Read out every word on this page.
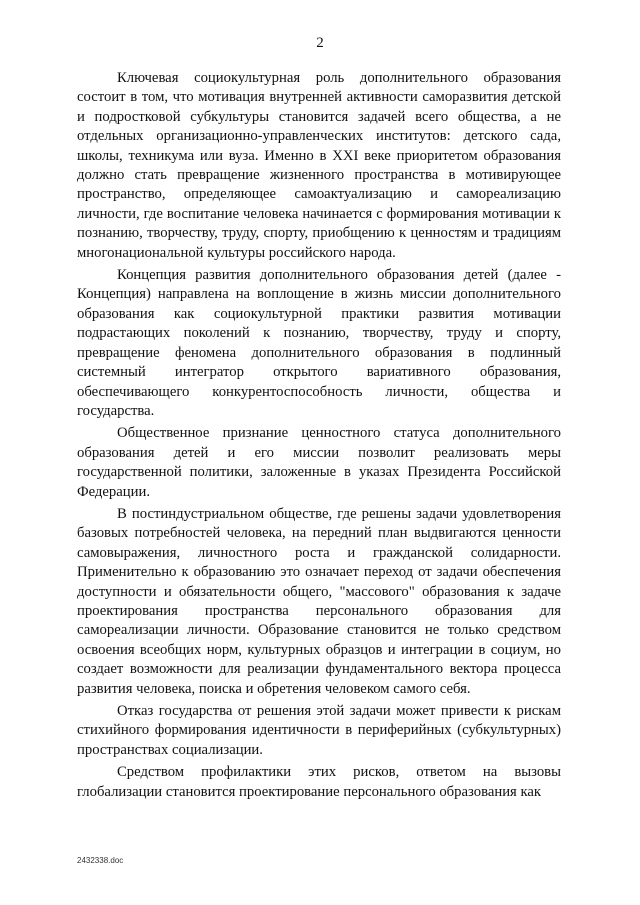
2

Ключевая социокультурная роль дополнительного образования состоит в том, что мотивация внутренней активности саморазвития детской и подростковой субкультуры становится задачей всего общества, а не отдельных организационно-управленческих институтов: детского сада, школы, техникума или вуза. Именно в XXI веке приоритетом образования должно стать превращение жизненного пространства в мотивирующее пространство, определяющее самоактуализацию и самореализацию личности, где воспитание человека начинается с формирования мотивации к познанию, творчеству, труду, спорту, приобщению к ценностям и традициям многонациональной культуры российского народа.

Концепция развития дополнительного образования детей (далее - Концепция) направлена на воплощение в жизнь миссии дополнительного образования как социокультурной практики развития мотивации подрастающих поколений к познанию, творчеству, труду и спорту, превращение феномена дополнительного образования в подлинный системный интегратор открытого вариативного образования, обеспечивающего конкурентоспособность личности, общества и государства.

Общественное признание ценностного статуса дополнительного образования детей и его миссии позволит реализовать меры государственной политики, заложенные в указах Президента Российской Федерации.

В постиндустриальном обществе, где решены задачи удовлетворения базовых потребностей человека, на передний план выдвигаются ценности самовыражения, личностного роста и гражданской солидарности. Применительно к образованию это означает переход от задачи обеспечения доступности и обязательности общего, "массового" образования к задаче проектирования пространства персонального образования для самореализации личности. Образование становится не только средством освоения всеобщих норм, культурных образцов и интеграции в социум, но создает возможности для реализации фундаментального вектора процесса развития человека, поиска и обретения человеком самого себя.

Отказ государства от решения этой задачи может привести к рискам стихийного формирования идентичности в периферийных (субкультурных) пространствах социализации.

Средством профилактики этих рисков, ответом на вызовы глобализации становится проектирование персонального образования как

2432338.doc
